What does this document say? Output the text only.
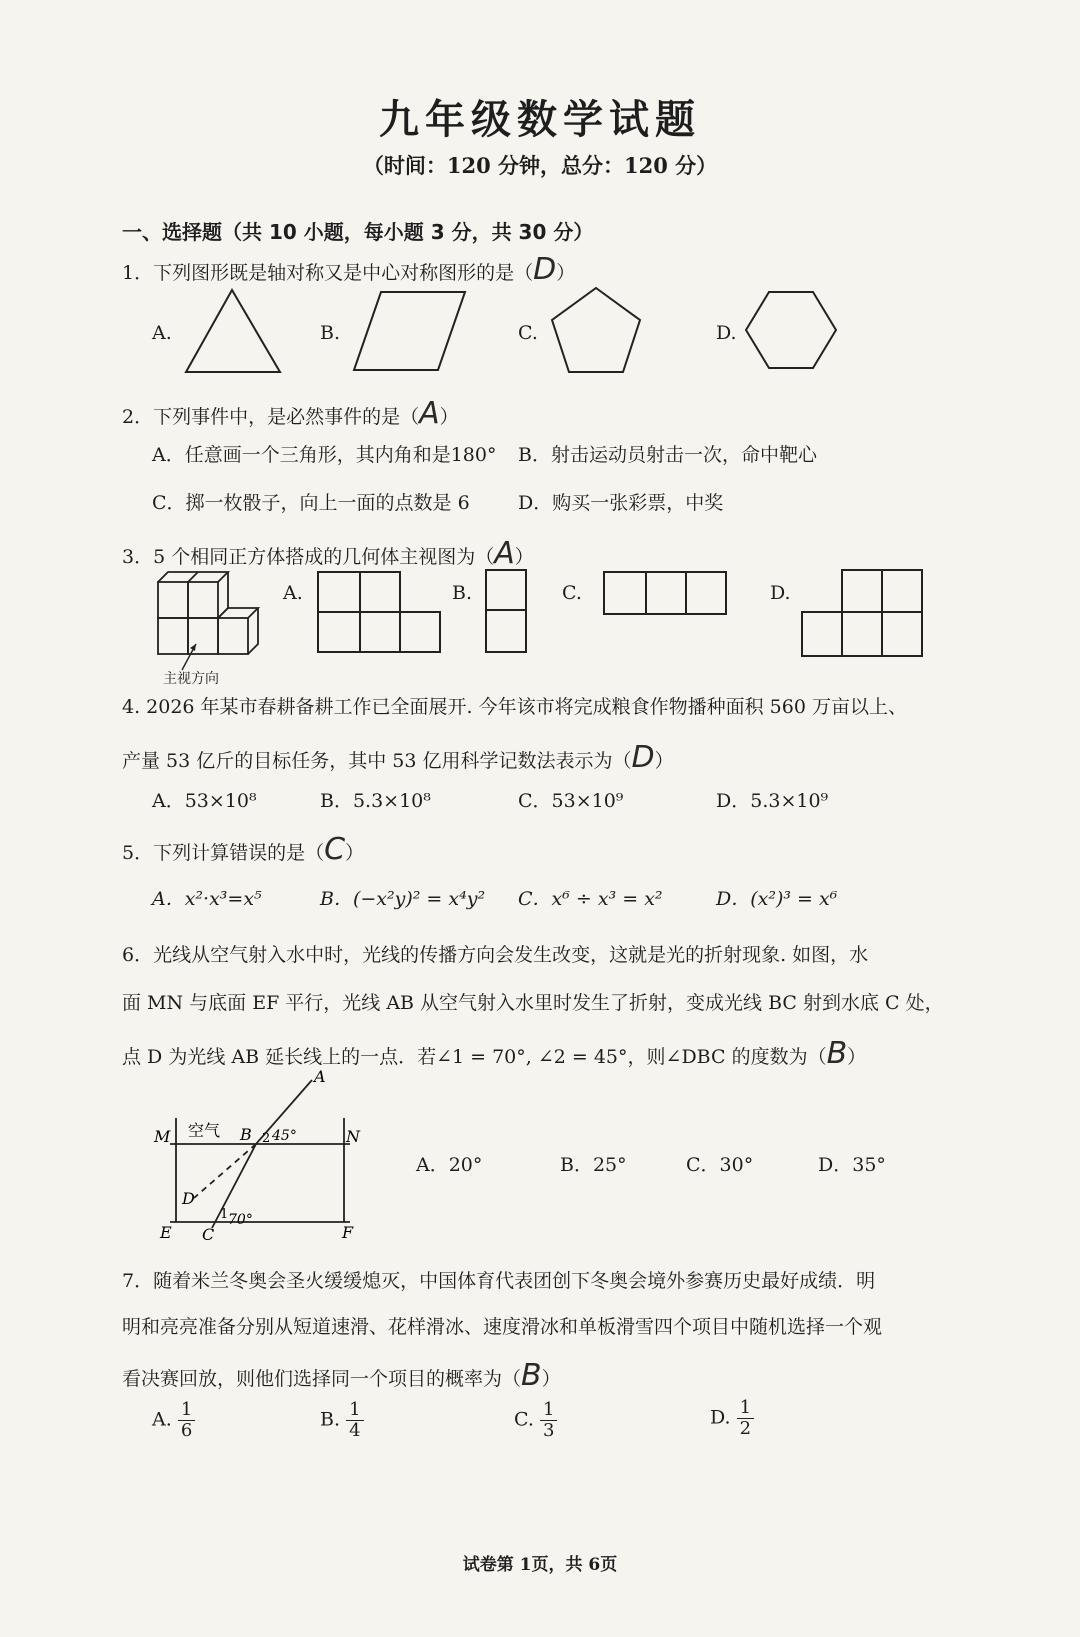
九年级数学试题
（时间：120 分钟，总分：120 分）
一、选择题（共 10 小题，每小题 3 分，共 30 分）
1．下列图形既是轴对称又是中心对称图形的是（D）
A.	B.	C.	D.
2．下列事件中，是必然事件的是（A）
A．任意画一个三角形，其内角和是180° B．射击运动员射击一次，命中靶心
C．掷一枚骰子，向上一面的点数是 6	D．购买一张彩票，中奖
3．5 个相同正方体搭成的几何体主视图为（A）
A.	B.	C.	D.
主视方向
4. 2026 年某市春耕备耕工作已全面展开. 今年该市将完成粮食作物播种面积 560 万亩以上、
产量 53 亿斤的目标任务，其中 53 亿用科学记数法表示为（D）
A．53×10⁸	B．5.3×10⁸	C．53×10⁹	D．5.3×10⁹
5．下列计算错误的是（C）
A．x²·x³=x⁵	B．(−x²y)² = x⁴y² C．x⁶ ÷ x³ = x²	D．(x²)³ = x⁶
6．光线从空气射入水中时，光线的传播方向会发生改变，这就是光的折射现象. 如图，水
面 MN 与底面 EF 平行，光线 AB 从空气射入水里时发生了折射，变成光线 BC 射到水底 C 处，
点 D 为光线 AB 延长线上的一点．若∠1 = 70°, ∠2 = 45°，则∠DBC 的度数为（B）
A
M	B	N
D
E C	F
1
2
空气	45°
70°
A．20°	B．25°	C．30°	D．35°
7．随着米兰冬奥会圣火缓缓熄灭，中国体育代表团创下冬奥会境外参赛历史最好成绩．明
明和亮亮准备分别从短道速滑、花样滑冰、速度滑冰和单板滑雪四个项目中随机选择一个观
看决赛回放，则他们选择同一个项目的概率为（B）
A. $\frac{1}{6}$	B. $\frac{1}{4}$	C. $\frac{1}{3}$	D. $\frac{1}{2}$
试卷第 1页，共 6页
